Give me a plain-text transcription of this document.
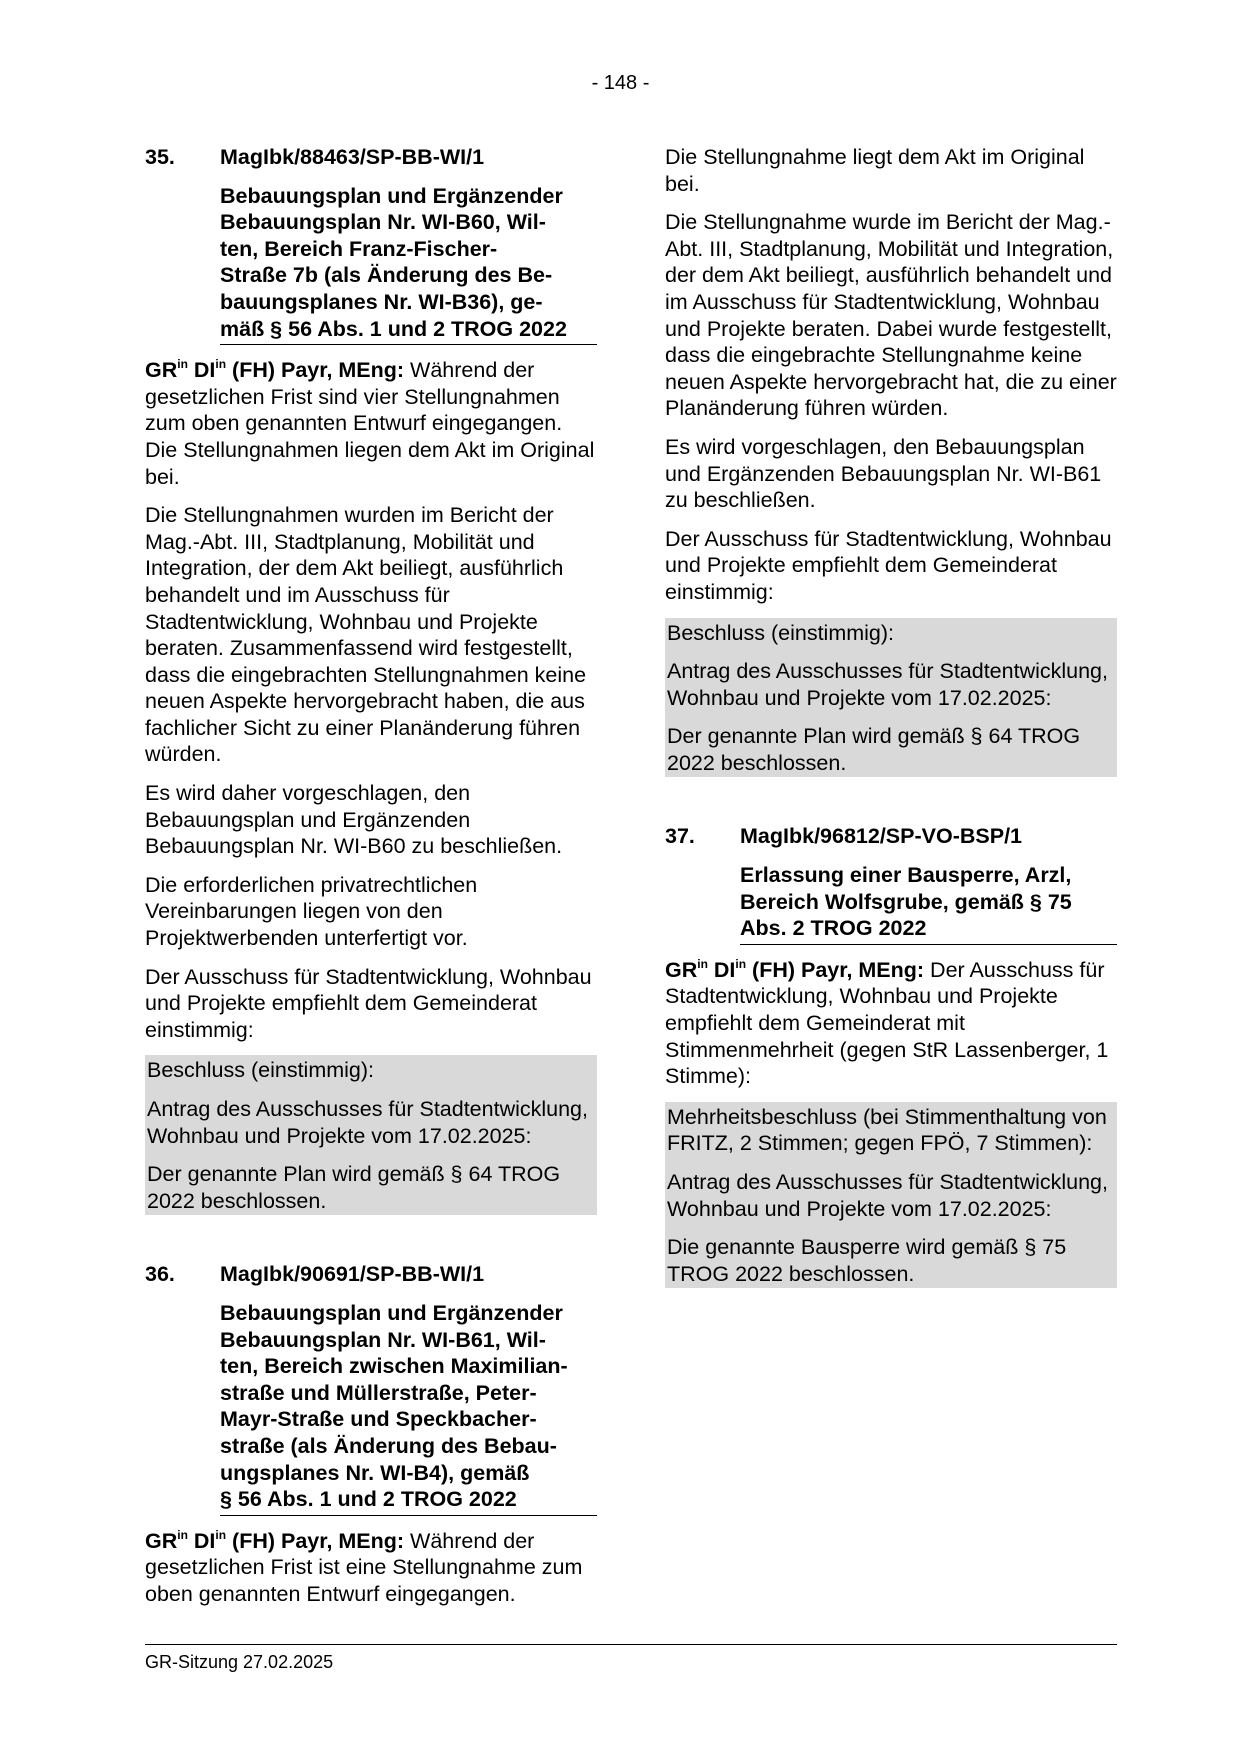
- 148 -
35. MagIbk/88463/SP-BB-WI/1
Bebauungsplan und Ergänzender
Bebauungsplan Nr. WI-B60, Wil-
ten, Bereich Franz-Fischer-
Straße 7b (als Änderung des Be-
bauungsplanes Nr. WI-B36), ge-
mäß § 56 Abs. 1 und 2 TROG 2022

$GR^{in}$ $DI^{in}$ (FH) Payr, MEng: Während der gesetzlichen Frist sind vier Stellungnahmen zum oben genannten Entwurf eingegangen. Die Stellungnahmen liegen dem Akt im Original bei.

Die Stellungnahmen wurden im Bericht der Mag.-Abt. III, Stadtplanung, Mobilität und Integration, der dem Akt beiliegt, ausführlich behandelt und im Ausschuss für Stadtentwicklung, Wohnbau und Projekte beraten. Zusammenfassend wird festgestellt, dass die eingebrachten Stellungnahmen keine neuen Aspekte hervorgebracht haben, die aus fachlicher Sicht zu einer Planänderung führen würden.

Es wird daher vorgeschlagen, den Bebauungsplan und Ergänzenden Bebauungsplan Nr. WI-B60 zu beschließen.

Die erforderlichen privatrechtlichen Vereinbarungen liegen von den Projektwerbenden unterfertigt vor.

Der Ausschuss für Stadtentwicklung, Wohnbau und Projekte empfiehlt dem Gemeinderat einstimmig:

Beschluss (einstimmig):

Antrag des Ausschusses für Stadtentwicklung, Wohnbau und Projekte vom 17.02.2025:

Der genannte Plan wird gemäß § 64 TROG 2022 beschlossen.

36. MagIbk/90691/SP-BB-WI/1
Bebauungsplan und Ergänzender
Bebauungsplan Nr. WI-B61, Wil-
ten, Bereich zwischen Maximilian-
straße und Müllerstraße, Peter-
Mayr-Straße und Speckbacher-
straße (als Änderung des Bebau-
ungsplanes Nr. WI-B4), gemäß
§ 56 Abs. 1 und 2 TROG 2022

$GR^{in}$ $DI^{in}$ (FH) Payr, MEng: Während der gesetzlichen Frist ist eine Stellungnahme zum oben genannten Entwurf eingegangen.

Die Stellungnahme liegt dem Akt im Original bei.

Die Stellungnahme wurde im Bericht der Mag.-Abt. III, Stadtplanung, Mobilität und Integration, der dem Akt beiliegt, ausführlich behandelt und im Ausschuss für Stadtentwicklung, Wohnbau und Projekte beraten. Dabei wurde festgestellt, dass die eingebrachte Stellungnahme keine neuen Aspekte hervorgebracht hat, die zu einer Planänderung führen würden.

Es wird vorgeschlagen, den Bebauungsplan und Ergänzenden Bebauungsplan Nr. WI-B61 zu beschließen.

Der Ausschuss für Stadtentwicklung, Wohnbau und Projekte empfiehlt dem Gemeinderat einstimmig:

Beschluss (einstimmig):

Antrag des Ausschusses für Stadtentwicklung, Wohnbau und Projekte vom 17.02.2025:

Der genannte Plan wird gemäß § 64 TROG 2022 beschlossen.

37. MagIbk/96812/SP-VO-BSP/1
Erlassung einer Bausperre, Arzl,
Bereich Wolfsgrube, gemäß § 75
Abs. 2 TROG 2022

$GR^{in}$ $DI^{in}$ (FH) Payr, MEng: Der Ausschuss für Stadtentwicklung, Wohnbau und Projekte empfiehlt dem Gemeinderat mit Stimmenmehrheit (gegen StR Lassenberger, 1 Stimme):

Mehrheitsbeschluss (bei Stimmenthaltung von FRITZ, 2 Stimmen; gegen FPÖ, 7 Stimmen):

Antrag des Ausschusses für Stadtentwicklung, Wohnbau und Projekte vom 17.02.2025:

Die genannte Bausperre wird gemäß § 75 TROG 2022 beschlossen.

GR-Sitzung 27.02.2025
